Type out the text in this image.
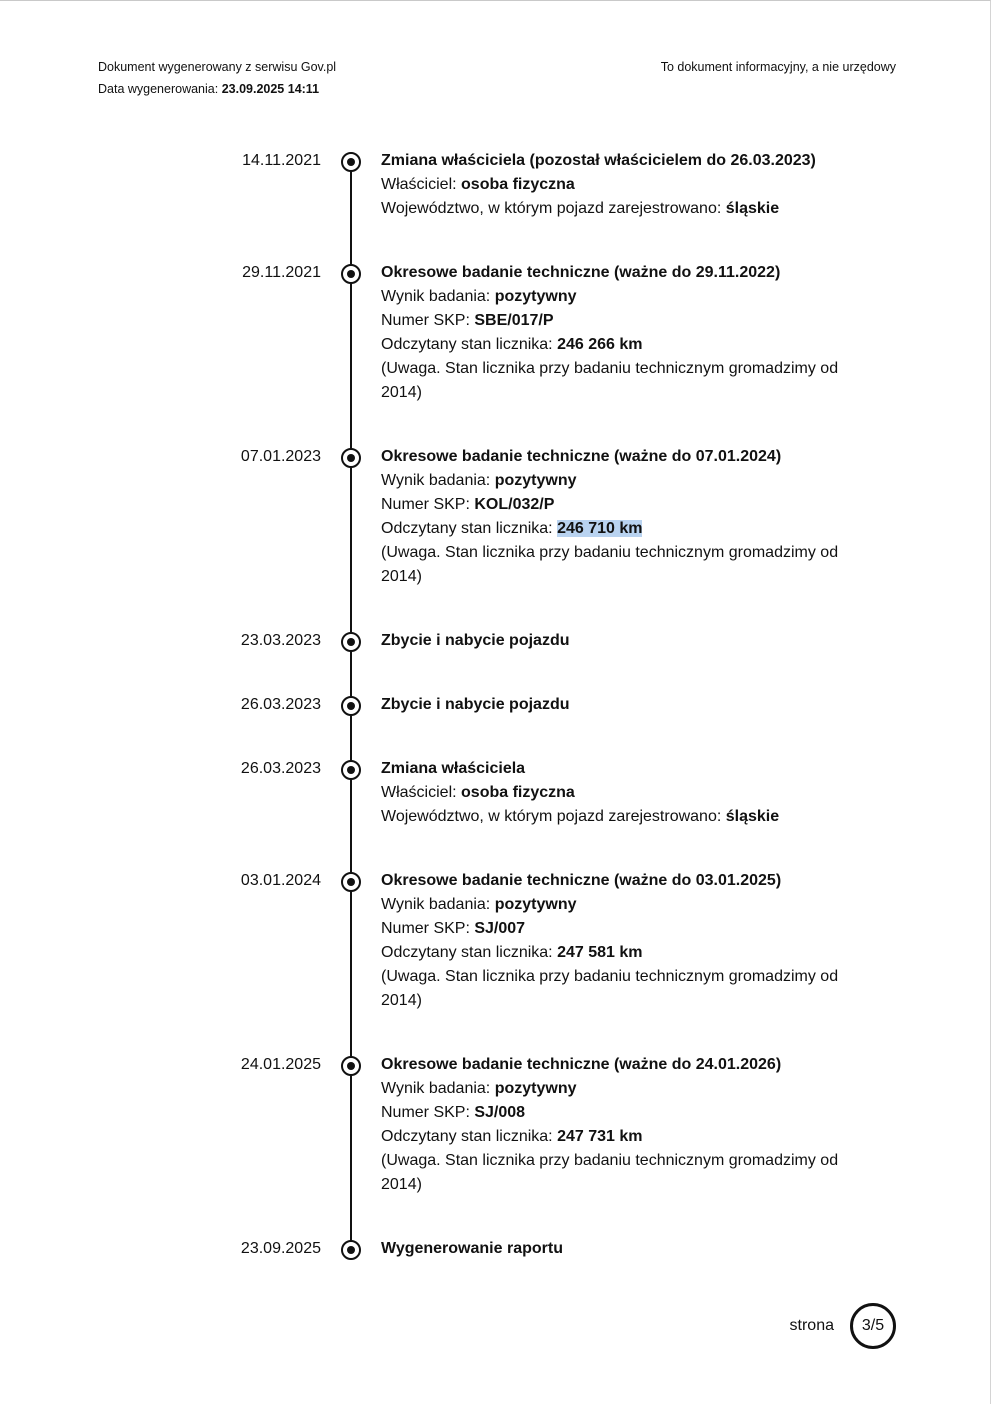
Dokument wygenerowany z serwisu Gov.pl
Data wygenerowania: 23.09.2025 14:11
To dokument informacyjny, a nie urzędowy
14.11.2021	Zmiana właściciela (pozostał właścicielem do 26.03.2023)
Właściciel: osoba fizyczna
Województwo, w którym pojazd zarejestrowano: śląskie
29.11.2021	Okresowe badanie techniczne (ważne do 29.11.2022)
Wynik badania: pozytywny
Numer SKP: SBE/017/P
Odczytany stan licznika: 246 266 km
(Uwaga. Stan licznika przy badaniu technicznym gromadzimy od 2014)
07.01.2023	Okresowe badanie techniczne (ważne do 07.01.2024)
Wynik badania: pozytywny
Numer SKP: KOL/032/P
Odczytany stan licznika: 246 710 km
(Uwaga. Stan licznika przy badaniu technicznym gromadzimy od 2014)
23.03.2023	Zbycie i nabycie pojazdu
26.03.2023	Zbycie i nabycie pojazdu
26.03.2023	Zmiana właściciela
Właściciel: osoba fizyczna
Województwo, w którym pojazd zarejestrowano: śląskie
03.01.2024	Okresowe badanie techniczne (ważne do 03.01.2025)
Wynik badania: pozytywny
Numer SKP: SJ/007
Odczytany stan licznika: 247 581 km
(Uwaga. Stan licznika przy badaniu technicznym gromadzimy od 2014)
24.01.2025	Okresowe badanie techniczne (ważne do 24.01.2026)
Wynik badania: pozytywny
Numer SKP: SJ/008
Odczytany stan licznika: 247 731 km
(Uwaga. Stan licznika przy badaniu technicznym gromadzimy od 2014)
23.09.2025	Wygenerowanie raportu
strona 3/5
